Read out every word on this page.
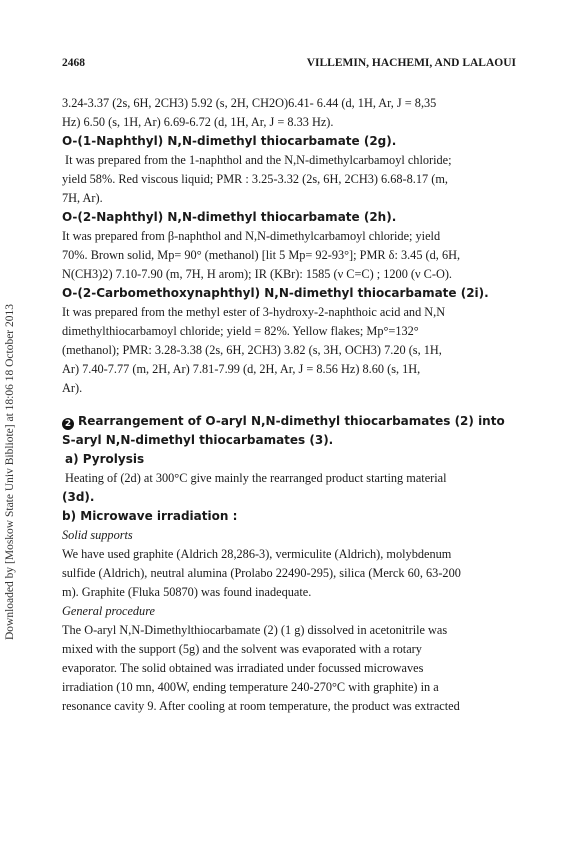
2468	VILLEMIN, HACHEMI, AND LALAOUI
Downloaded by [Moskow State Univ Bibliote] at 18:06 18 October 2013

3.24-3.37 (2s, 6H, 2CH3) 5.92 (s, 2H, CH2O)6.41- 6.44 (d, 1H, Ar, J = 8,35

Hz) 6.50 (s, 1H, Ar) 6.69-6.72 (d, 1H, Ar, J = 8.33 Hz).

O-(1-Naphthyl) N,N-dimethyl thiocarbamate (2g).

It was prepared from the 1-naphthol and the N,N-dimethylcarbamoyl chloride;

yield 58%. Red viscous liquid; PMR : 3.25-3.32 (2s, 6H, 2CH3) 6.68-8.17 (m,

7H, Ar).

O-(2-Naphthyl) N,N-dimethyl thiocarbamate (2h).

It was prepared from β-naphthol and N,N-dimethylcarbamoyl chloride; yield

70%. Brown solid, Mp= 90° (methanol) [lit 5 Mp= 92-93°]; PMR δ: 3.45 (d, 6H,

N(CH3)2) 7.10-7.90 (m, 7H, H arom); IR (KBr): 1585 (ν C=C) ; 1200 (ν C-O).

O-(2-Carbomethoxynaphthyl) N,N-dimethyl thiocarbamate (2i).

It was prepared from the methyl ester of 3-hydroxy-2-naphthoic acid and N,N

dimethylthiocarbamoyl chloride; yield = 82%. Yellow flakes; Mp°=132°

(methanol); PMR: 3.28-3.38 (2s, 6H, 2CH3) 3.82 (s, 3H, OCH3) 7.20 (s, 1H,

Ar) 7.40-7.77 (m, 2H, Ar) 7.81-7.99 (d, 2H, Ar, J = 8.56 Hz) 8.60 (s, 1H,

Ar).

2 Rearrangement of O-aryl N,N-dimethyl thiocarbamates (2) into

S-aryl N,N-dimethyl thiocarbamates (3).

a) Pyrolysis

Heating of (2d) at 300°C give mainly the rearranged product starting material

(3d).

b) Microwave irradiation :

Solid supports

We have used graphite (Aldrich 28,286-3), vermiculite (Aldrich), molybdenum

sulfide (Aldrich), neutral alumina (Prolabo 22490-295), silica (Merck 60, 63-200

m). Graphite (Fluka 50870) was found inadequate.

General procedure

The O-aryl N,N-Dimethylthiocarbamate (2) (1 g) dissolved in acetonitrile was

mixed with the support (5g) and the solvent was evaporated with a rotary

evaporator. The solid obtained was irradiated under focussed microwaves

irradiation (10 mn, 400W, ending temperature 240-270°C with graphite) in a

resonance cavity 9. After cooling at room temperature, the product was extracted
